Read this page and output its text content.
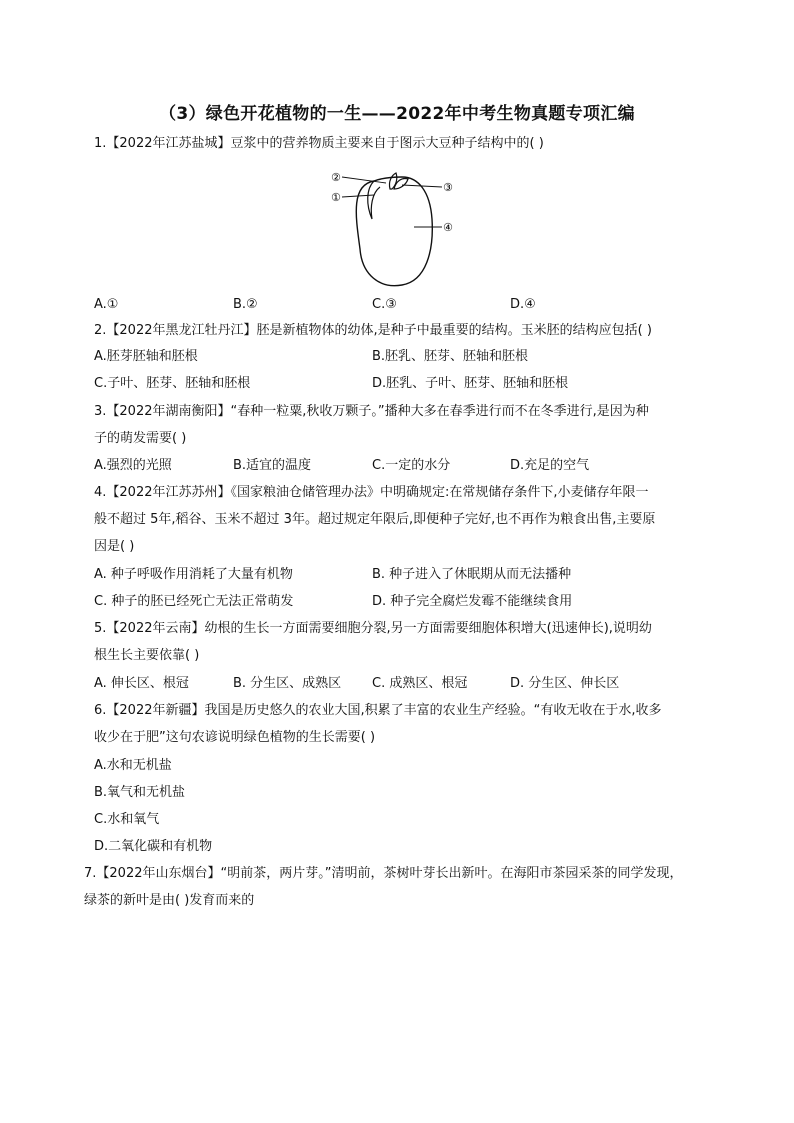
（3）绿色开花植物的一生——2022年中考生物真题专项汇编
1.【2022年江苏盐城】豆浆中的营养物质主要来自于图示大豆种子结构中的( )
②
①
③
④
A.①	B.②	C.③	D.④
2.【2022年黑龙江牡丹江】胚是新植物体的幼体,是种子中最重要的结构。玉米胚的结构应包括( )
A.胚芽胚轴和胚根	B.胚乳、胚芽、胚轴和胚根
C.子叶、胚芽、胚轴和胚根	D.胚乳、子叶、胚芽、胚轴和胚根
3.【2022年湖南衡阳】“春种一粒粟,秋收万颗子。”播种大多在春季进行而不在冬季进行,是因为种
子的萌发需要( )
A.强烈的光照	B.适宜的温度	C.一定的水分	D.充足的空气
4.【2022年江苏苏州】《国家粮油仓储管理办法》中明确规定:在常规储存条件下,小麦储存年限一
般不超过 5年,稻谷、玉米不超过 3年。超过规定年限后,即便种子完好,也不再作为粮食出售,主要原
因是( )
A. 种子呼吸作用消耗了大量有机物	B. 种子进入了休眠期从而无法播种
C. 种子的胚已经死亡无法正常萌发	D. 种子完全腐烂发霉不能继续食用
5.【2022年云南】幼根的生长一方面需要细胞分裂,另一方面需要细胞体积增大(迅速伸长),说明幼
根生长主要依靠( )
A. 伸长区、根冠	B. 分生区、成熟区 C. 成熟区、根冠	D. 分生区、伸长区
6.【2022年新疆】我国是历史悠久的农业大国,积累了丰富的农业生产经验。“有收无收在于水,收多
收少在于肥”这句农谚说明绿色植物的生长需要( )
A.水和无机盐
B.氧气和无机盐
C.水和氧气
D.二氧化碳和有机物
7.【2022年山东烟台】“明前茶，两片芽。”清明前，茶树叶芽长出新叶。在海阳市茶园采茶的同学发现，
绿茶的新叶是由( )发育而来的
